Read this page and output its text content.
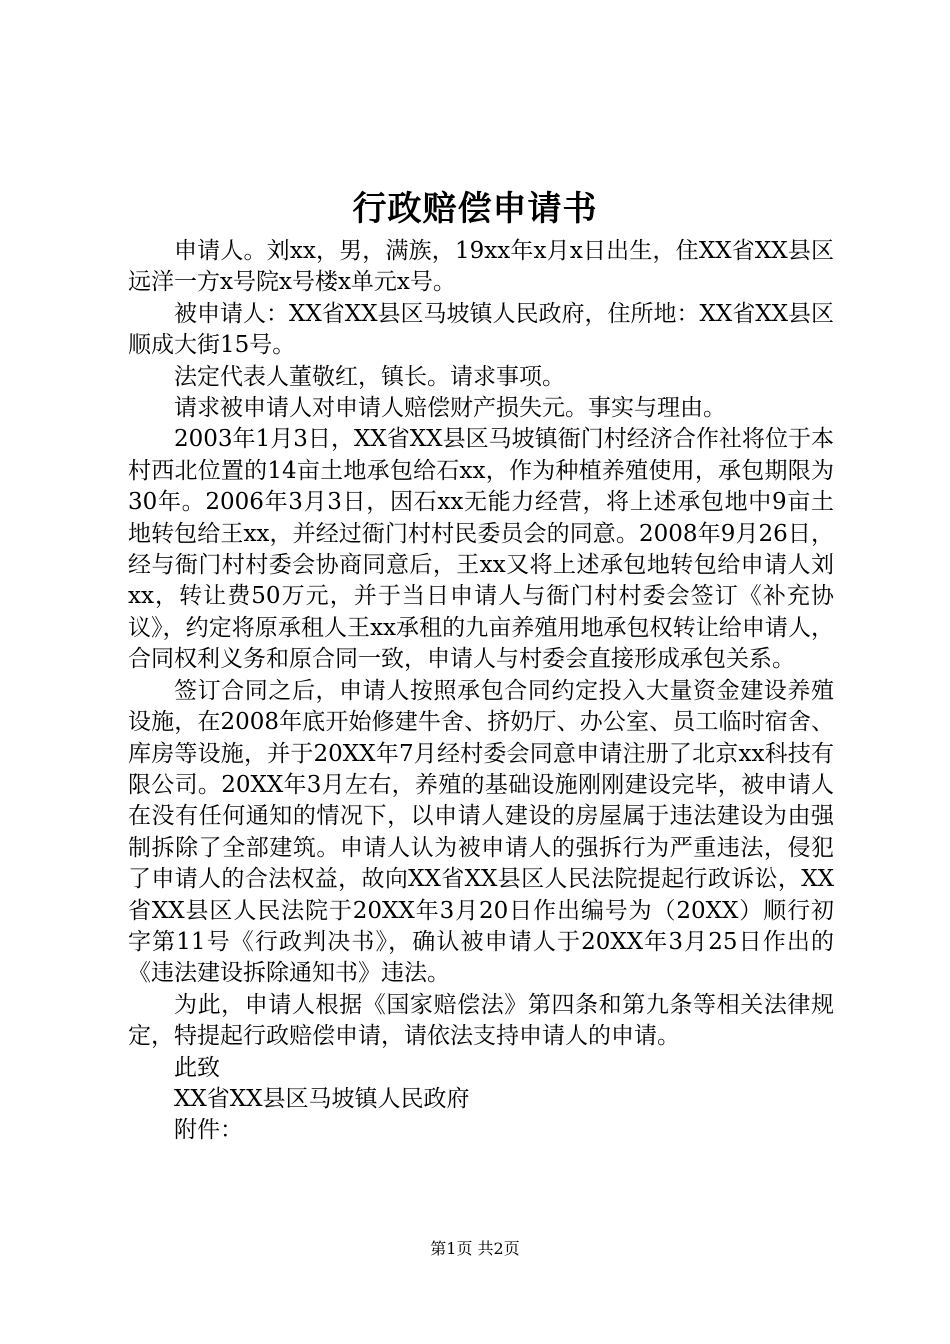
行政赔偿申请书

申请人。刘xx，男，满族，19xx年x月x日出生，住XX省XX县区远洋一方x号院x号楼x单元x号。

被申请人：XX省XX县区马坡镇人民政府，住所地：XX省XX县区顺成大街15号。

法定代表人董敬红，镇长。请求事项。

请求被申请人对申请人赔偿财产损失元。事实与理由。

2003年1月3日，XX省XX县区马坡镇衙门村经济合作社将位于本村西北位置的14亩土地承包给石xx，作为种植养殖使用，承包期限为30年。2006年3月3日，因石xx无能力经营，将上述承包地中9亩土地转包给王xx，并经过衙门村村民委员会的同意。2008年9月26日，经与衙门村村委会协商同意后，王xx又将上述承包地转包给申请人刘xx，转让费50万元，并于当日申请人与衙门村村委会签订《补充协议》，约定将原承租人王xx承租的九亩养殖用地承包权转让给申请人，合同权利义务和原合同一致，申请人与村委会直接形成承包关系。

签订合同之后，申请人按照承包合同约定投入大量资金建设养殖设施，在2008年底开始修建牛舍、挤奶厅、办公室、员工临时宿舍、库房等设施，并于20XX年7月经村委会同意申请注册了北京xx科技有限公司。20XX年3月左右，养殖的基础设施刚刚建设完毕，被申请人在没有任何通知的情况下，以申请人建设的房屋属于违法建设为由强制拆除了全部建筑。申请人认为被申请人的强拆行为严重违法，侵犯了申请人的合法权益，故向XX省XX县区人民法院提起行政诉讼，XX省XX县区人民法院于20XX年3月20日作出编号为（20XX）顺行初字第11号《行政判决书》，确认被申请人于20XX年3月25日作出的《违法建设拆除通知书》违法。

为此，申请人根据《国家赔偿法》第四条和第九条等相关法律规定，特提起行政赔偿申请，请依法支持申请人的申请。

此致

XX省XX县区马坡镇人民政府

附件：

第1页 共2页
